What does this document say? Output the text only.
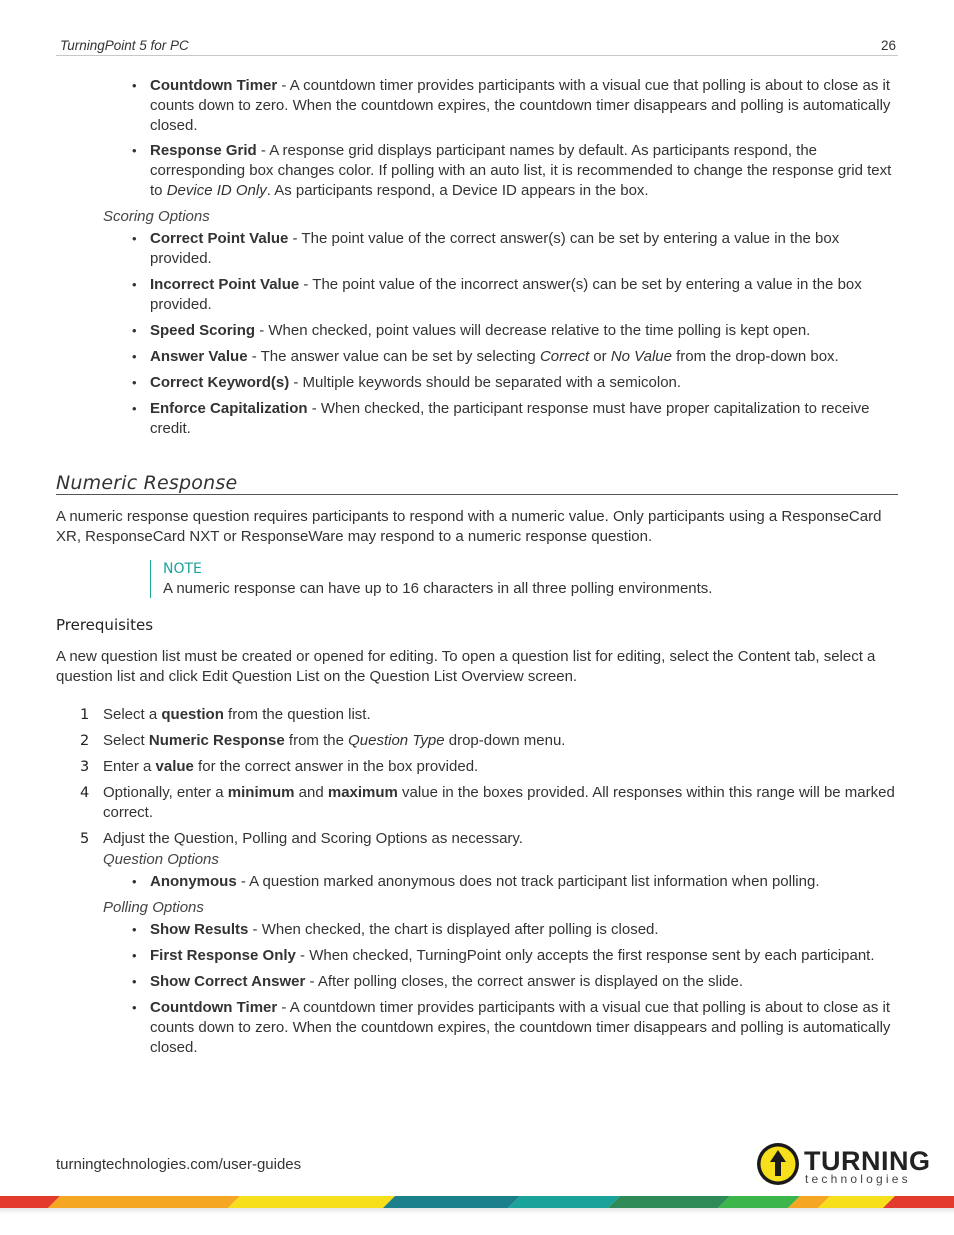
TurningPoint 5 for PC	26
• Countdown Timer - A countdown timer provides participants with a visual cue that polling is about to close as it counts down to zero. When the countdown expires, the countdown timer disappears and polling is automatically closed.
• Response Grid - A response grid displays participant names by default. As participants respond, the corresponding box changes color. If polling with an auto list, it is recommended to change the response grid text to Device ID Only. As participants respond, a Device ID appears in the box.
Scoring Options
• Correct Point Value - The point value of the correct answer(s) can be set by entering a value in the box provided.
• Incorrect Point Value - The point value of the incorrect answer(s) can be set by entering a value in the box provided.
• Speed Scoring - When checked, point values will decrease relative to the time polling is kept open.
• Answer Value - The answer value can be set by selecting Correct or No Value from the drop-down box.
• Correct Keyword(s) - Multiple keywords should be separated with a semicolon.
• Enforce Capitalization - When checked, the participant response must have proper capitalization to receive credit.
Numeric Response
A numeric response question requires participants to respond with a numeric value. Only participants using a ResponseCard XR, ResponseCard NXT or ResponseWare may respond to a numeric response question.
NOTE
A numeric response can have up to 16 characters in all three polling environments.
Prerequisites
A new question list must be created or opened for editing. To open a question list for editing, select the Content tab, select a question list and click Edit Question List on the Question List Overview screen.
1 Select a question from the question list.
2 Select Numeric Response from the Question Type drop-down menu.
3 Enter a value for the correct answer in the box provided.
4 Optionally, enter a minimum and maximum value in the boxes provided. All responses within this range will be marked correct.
5 Adjust the Question, Polling and Scoring Options as necessary.
Question Options
• Anonymous - A question marked anonymous does not track participant list information when polling.
Polling Options
• Show Results - When checked, the chart is displayed after polling is closed.
• First Response Only - When checked, TurningPoint only accepts the first response sent by each participant.
• Show Correct Answer - After polling closes, the correct answer is displayed on the slide.
• Countdown Timer - A countdown timer provides participants with a visual cue that polling is about to close as it counts down to zero. When the countdown expires, the countdown timer disappears and polling is automatically closed.
turningtechnologies.com/user-guides	TURNING
technologies
